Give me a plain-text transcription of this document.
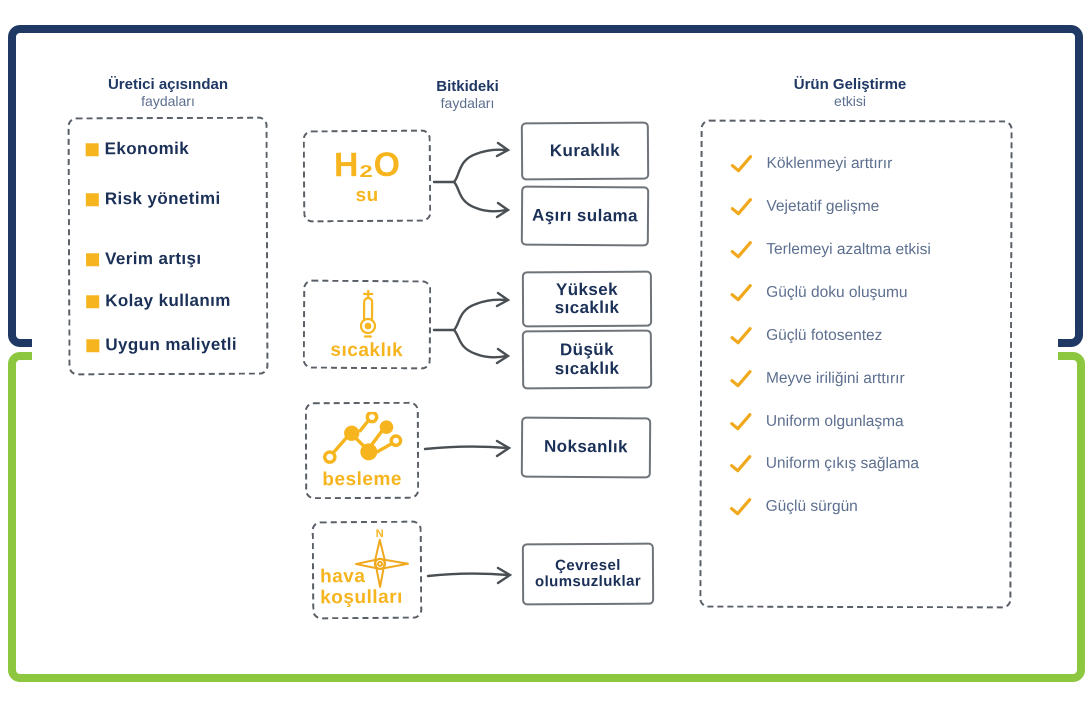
Üretici açısından
faydaları
Ekonomik
Risk yönetimi
Verim artışı
Kolay kullanım
Uygun maliyetli
Bitkideki
faydaları
H₂O
su
Kuraklık
Aşırı sulama
sıcaklık
Yüksek sıcaklık
Düşük sıcaklık
besleme
Noksanlık
N
hava koşulları
Çevresel olumsuzluklar
Ürün Geliştirme
etkisi
Köklenmeyi arttırır
Vejetatif gelişme
Terlemeyi azaltma etkisi
Güçlü doku oluşumu
Güçlü fotosentez
Meyve iriliğini arttırır
Uniform olgunlaşma
Uniform çıkış sağlama
Güçlü sürgün
